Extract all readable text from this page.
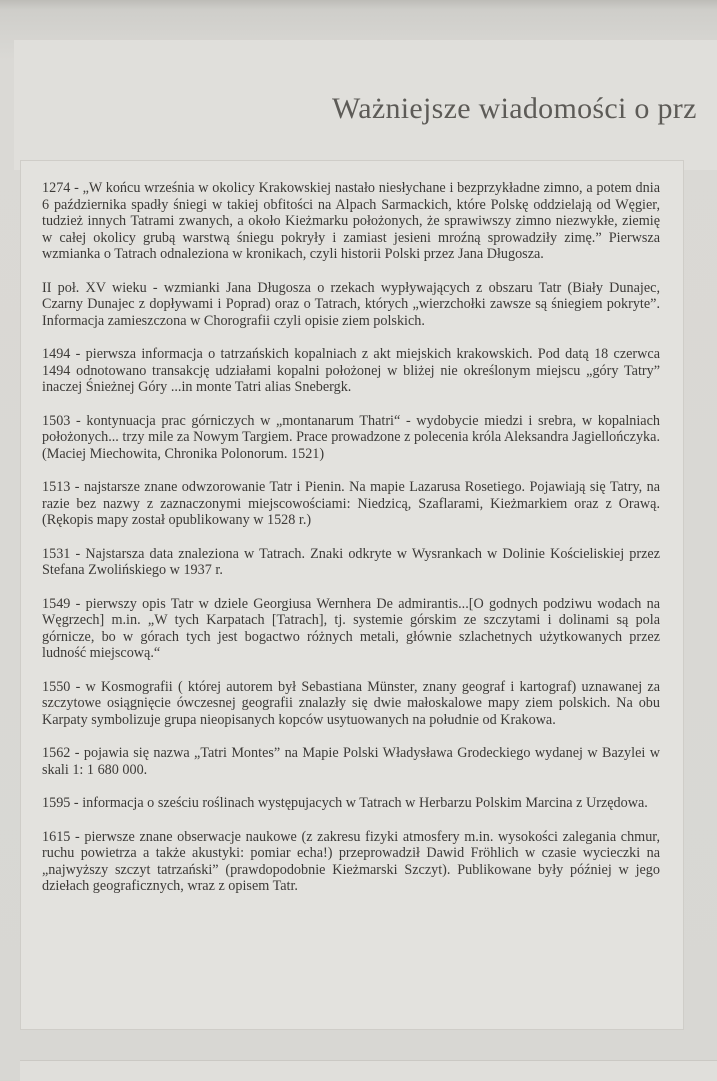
Ważniejsze wiadomości o prz

1274 - „W końcu września w okolicy Krakowskiej nastało niesłychane i bezprzykładne zimno, a potem dnia 6 października spadły śniegi w takiej obfitości na Alpach Sarmackich, które Polskę oddzielają od Węgier, tudzież innych Tatrami zwanych, a około Kieżmarku położonych, że sprawiwszy zimno niezwykłe, ziemię w całej okolicy grubą warstwą śniegu pokryły i zamiast jesieni mroźną sprowadziły zimę.” Pierwsza wzmianka o Tatrach odnaleziona w kronikach, czyli historii Polski przez Jana Długosza.

II poł. XV wieku - wzmianki Jana Długosza o rzekach wypływających z obszaru Tatr (Biały Dunajec, Czarny Dunajec z dopływami i Poprad) oraz o Tatrach, których „wierzchołki zawsze są śniegiem pokryte”. Informacja zamieszczona w Chorografii czyli opisie ziem polskich.

1494 - pierwsza informacja o tatrzańskich kopalniach z akt miejskich krakowskich. Pod datą 18 czerwca 1494 odnotowano transakcję udziałami kopalni położonej w bliżej nie określonym miejscu „góry Tatry” inaczej Śnieżnej Góry ...in monte Tatri alias Snebergk.

1503 - kontynuacja prac górniczych w „montanarum Thatri“ - wydobycie miedzi i srebra, w kopalniach położonych... trzy mile za Nowym Targiem. Prace prowadzone z polecenia króla Aleksandra Jagiellończyka. (Maciej Miechowita, Chronika Polonorum. 1521)

1513 - najstarsze znane odwzorowanie Tatr i Pienin. Na mapie Lazarusa Rosetiego. Pojawiają się Tatry, na razie bez nazwy z zaznaczonymi miejscowościami: Niedzicą, Szaflarami, Kieżmarkiem oraz z Orawą. (Rękopis mapy został opublikowany w 1528 r.)

1531 - Najstarsza data znaleziona w Tatrach. Znaki odkryte w Wysrankach w Dolinie Kościeliskiej przez Stefana Zwolińskiego w 1937 r.

1549 - pierwszy opis Tatr w dziele Georgiusa Wernhera De admirantis...[O godnych podziwu wodach na Węgrzech] m.in. „W tych Karpatach [Tatrach], tj. systemie górskim ze szczytami i dolinami są pola górnicze, bo w górach tych jest bogactwo różnych metali, głównie szlachetnych użytkowanych przez ludność miejscową.“

1550 - w Kosmografii ( której autorem był Sebastiana Münster, znany geograf i kartograf) uznawanej za szczytowe osiągnięcie ówczesnej geografii znalazły się dwie małoskalowe mapy ziem polskich. Na obu Karpaty symbolizuje grupa nieopisanych kopców usytuowanych na południe od Krakowa.

1562 - pojawia się nazwa „Tatri Montes” na Mapie Polski Władysława Grodeckiego wydanej w Bazylei w skali 1: 1 680 000.

1595 - informacja o sześciu roślinach występujacych w Tatrach w Herbarzu Polskim Marcina z Urzędowa.

1615 - pierwsze znane obserwacje naukowe (z zakresu fizyki atmosfery m.in. wysokości zalegania chmur, ruchu powietrza a także akustyki: pomiar echa!) przeprowadził Dawid Fröhlich w czasie wycieczki na „najwyższy szczyt tatrzański” (prawdopodobnie Kieżmarski Szczyt). Publikowane były później w jego dziełach geograficznych, wraz z opisem Tatr.
